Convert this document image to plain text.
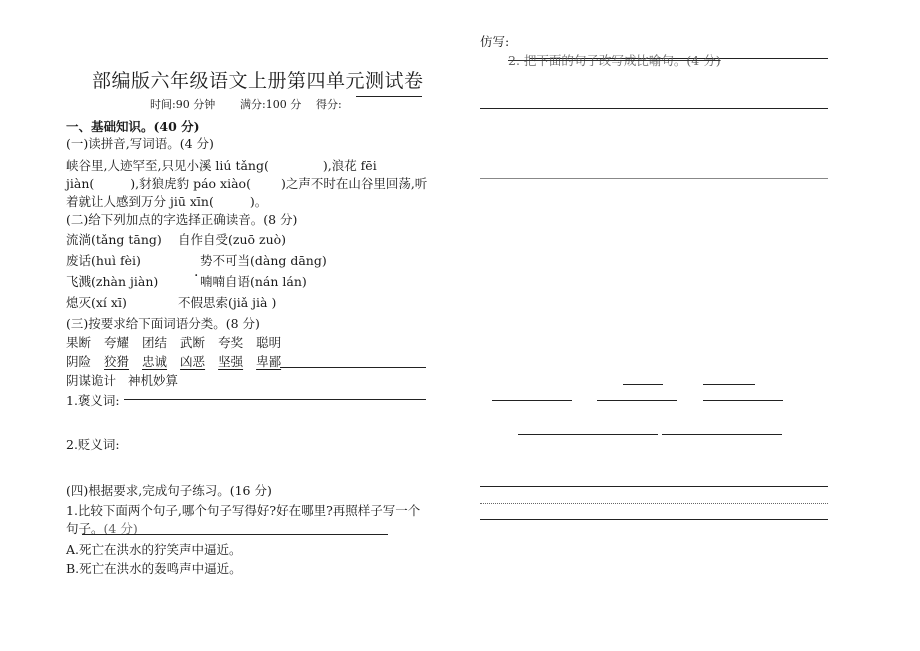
部编版六年级语文上册第四单元测试卷
时间:90 分钟 满分:100 分 得分:
一、基础知识。(40 分)
(一)读拼音,写词语。(4 分)
峡谷里,人迹罕至,只见小溪 liú tǎng(	),浪花 fēi
jiàn(	),豺狼虎豹 páo xiào( )之声不时在山谷里回荡,听
着就让人感到万分 jiū xīn(	)。
(二)给下列加点的字选择正确读音。(8 分)
流淌(tǎng tāng) 自作自受(zuō zuò)
废话(huì fèi)	势不可当(dàng dāng)
飞溅(zhàn jiàn)
·	喃喃自语(nán lán)
熄灭(xí xī)	不假思索(jiǎ jià )
(三)按要求给下面词语分类。(8 分)
果断 夸耀 团结 武断 夸奖 聪明
阴险 狡猾 忠诚 凶恶 坚强 卑鄙
阴谋诡计 神机妙算
1.褒义词:
2.贬义词:
(四)根据要求,完成句子练习。(16 分)
1.比较下面两个句子,哪个句子写得好?好在哪里?再照样子写一个
句子。(4 分)
A.死亡在洪水的狞笑声中逼近。
B.死亡在洪水的轰鸣声中逼近。
仿写:
2. 把下面的句子改写成比喻句。(4 分)
